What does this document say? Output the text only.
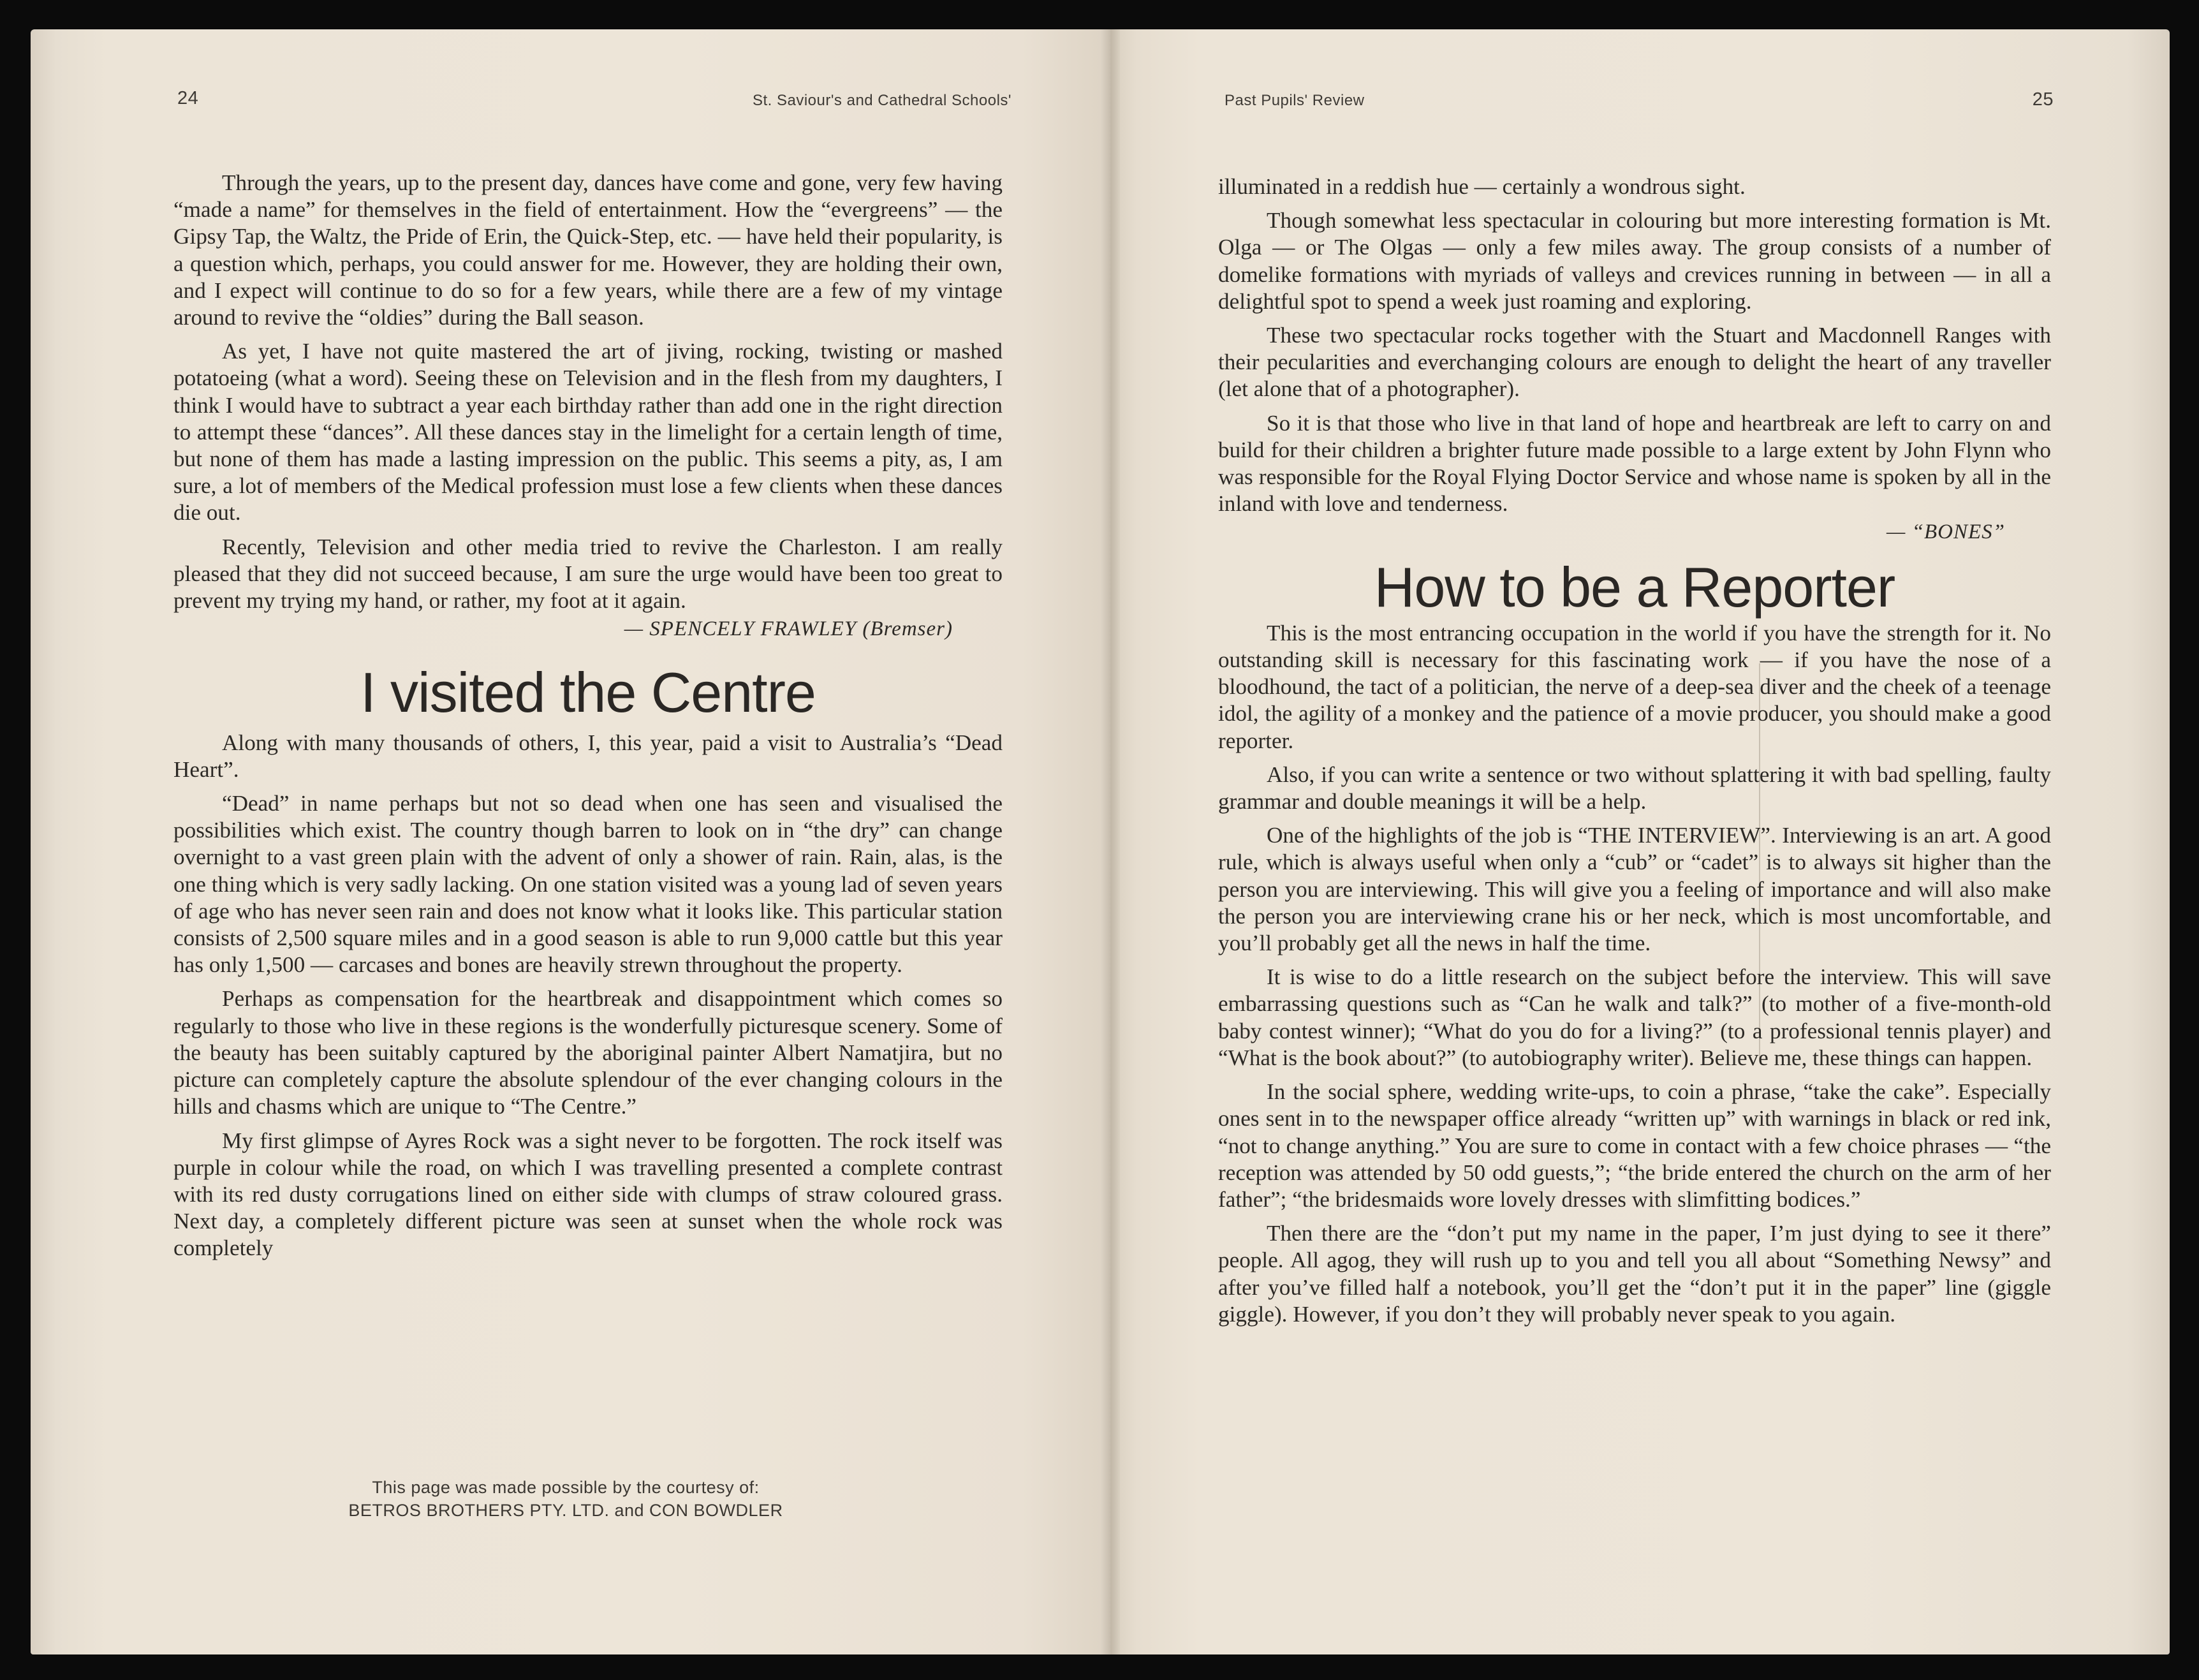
24	St. Saviour's and Cathedral Schools'

Through the years, up to the present day, dances have come and gone, very few having “made a name” for themselves in the field of entertainment. How the “evergreens” — the Gipsy Tap, the Waltz, the Pride of Erin, the Quick-Step, etc. — have held their popularity, is a question which, perhaps, you could answer for me. However, they are holding their own, and I expect will continue to do so for a few years, while there are a few of my vintage around to revive the “oldies” during the Ball season.

As yet, I have not quite mastered the art of jiving, rocking, twisting or mashed potatoeing (what a word). Seeing these on Television and in the flesh from my daughters, I think I would have to subtract a year each birthday rather than add one in the right direction to attempt these “dances”. All these dances stay in the limelight for a certain length of time, but none of them has made a lasting impression on the public. This seems a pity, as, I am sure, a lot of members of the Medical profession must lose a few clients when these dances die out.

Recently, Television and other media tried to revive the Charleston. I am really pleased that they did not succeed because, I am sure the urge would have been too great to prevent my trying my hand, or rather, my foot at it again.

— SPENCELY FRAWLEY (Bremser)
I visited the Centre

Along with many thousands of others, I, this year, paid a visit to Australia’s “Dead Heart”.

“Dead” in name perhaps but not so dead when one has seen and visualised the possibilities which exist. The country though barren to look on in “the dry” can change overnight to a vast green plain with the advent of only a shower of rain. Rain, alas, is the one thing which is very sadly lacking. On one station visited was a young lad of seven years of age who has never seen rain and does not know what it looks like. This particular station consists of 2,500 square miles and in a good season is able to run 9,000 cattle but this year has only 1,500 — carcases and bones are heavily strewn throughout the property.

Perhaps as compensation for the heartbreak and disappointment which comes so regularly to those who live in these regions is the wonderfully picturesque scenery. Some of the beauty has been suitably captured by the aboriginal painter Albert Namatjira, but no picture can completely capture the absolute splendour of the ever changing colours in the hills and chasms which are unique to “The Centre.”

My first glimpse of Ayres Rock was a sight never to be forgotten. The rock itself was purple in colour while the road, on which I was travelling presented a complete contrast with its red dusty corrugations lined on either side with clumps of straw coloured grass. Next day, a completely different picture was seen at sunset when the whole rock was completely

This page was made possible by the courtesy of:
BETROS BROTHERS PTY. LTD. and CON BOWDLER
Past Pupils' Review	25

illuminated in a reddish hue — certainly a wondrous sight.

Though somewhat less spectacular in colouring but more interesting formation is Mt. Olga — or The Olgas — only a few miles away. The group consists of a number of domelike formations with myriads of valleys and crevices running in between — in all a delightful spot to spend a week just roaming and exploring.

These two spectacular rocks together with the Stuart and Macdonnell Ranges with their pecularities and everchanging colours are enough to delight the heart of any traveller (let alone that of a photographer).

So it is that those who live in that land of hope and heartbreak are left to carry on and build for their children a brighter future made possible to a large extent by John Flynn who was responsible for the Royal Flying Doctor Service and whose name is spoken by all in the inland with love and tenderness.

— “BONES”
How to be a Reporter

This is the most entrancing occupation in the world if you have the strength for it. No outstanding skill is necessary for this fascinating work — if you have the nose of a bloodhound, the tact of a politician, the nerve of a deep-sea diver and the cheek of a teenage idol, the agility of a monkey and the patience of a movie producer, you should make a good reporter.

Also, if you can write a sentence or two without splattering it with bad spelling, faulty grammar and double meanings it will be a help.

One of the highlights of the job is “THE INTERVIEW”. Interviewing is an art. A good rule, which is always useful when only a “cub” or “cadet” is to always sit higher than the person you are interviewing. This will give you a feeling of importance and will also make the person you are interviewing crane his or her neck, which is most uncomfortable, and you’ll probably get all the news in half the time.

It is wise to do a little research on the subject before the interview. This will save embarrassing questions such as “Can he walk and talk?” (to mother of a five-month-old baby contest winner); “What do you do for a living?” (to a professional tennis player) and “What is the book about?” (to autobiography writer). Believe me, these things can happen.

In the social sphere, wedding write-ups, to coin a phrase, “take the cake”. Especially ones sent in to the newspaper office already “written up” with warnings in black or red ink, “not to change anything.” You are sure to come in contact with a few choice phrases — “the reception was attended by 50 odd guests,”; “the bride entered the church on the arm of her father”; “the bridesmaids wore lovely dresses with slimfitting bodices.”

Then there are the “don’t put my name in the paper, I’m just dying to see it there” people. All agog, they will rush up to you and tell you all about “Something Newsy” and after you’ve filled half a notebook, you’ll get the “don’t put it in the paper” line (giggle giggle). However, if you don’t they will probably never speak to you again.
